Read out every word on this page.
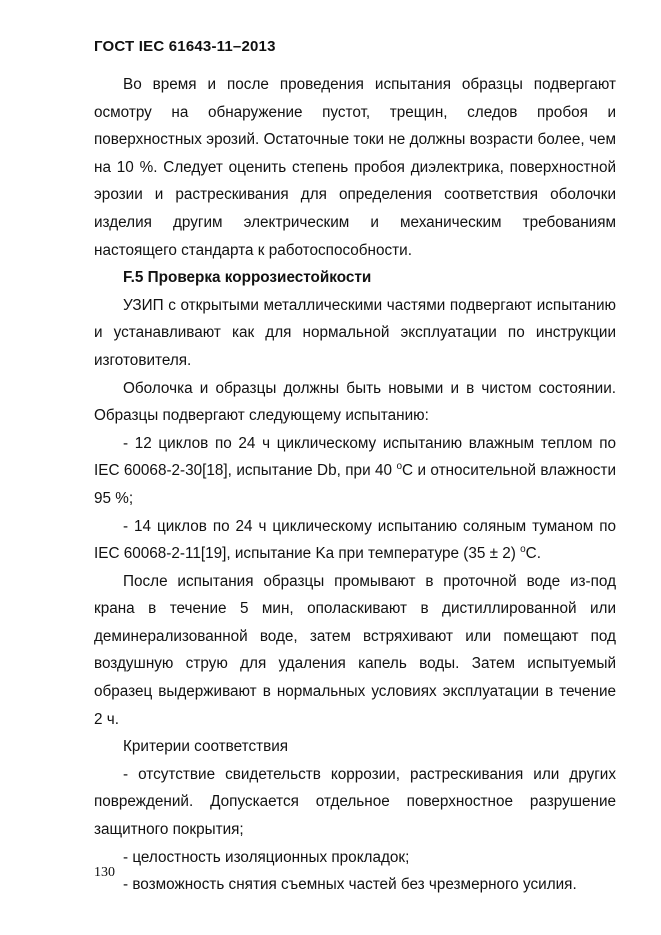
ГОСТ IEC 61643-11–2013

Во время и после проведения испытания образцы подвергают осмотру на обнаружение пустот, трещин, следов пробоя и поверхностных эрозий. Остаточные токи не должны возрасти более, чем на 10 %. Следует оценить степень пробоя диэлектрика, поверхностной эрозии и растрескивания для определения соответствия оболочки изделия другим электрическим и механическим требованиям настоящего стандарта к работоспособности.

F.5 Проверка коррозиестойкости

УЗИП с открытыми металлическими частями подвергают испытанию и устанавливают как для нормальной эксплуатации по инструкции изготовителя.

Оболочка и образцы должны быть новыми и в чистом состоянии. Образцы подвергают следующему испытанию:

- 12 циклов по 24 ч циклическому испытанию влажным теплом по IEC 60068-2-30[18], испытание Db, при 40 $^о$С и относительной влажности 95 %;

- 14 циклов по 24 ч циклическому испытанию соляным туманом по IEC 60068-2-11[19], испытание Ka при температуре (35 ± 2) $^о$С.

После испытания образцы промывают в проточной воде из-под крана в течение 5 мин, ополаскивают в дистиллированной или деминерализованной воде, затем встряхивают или помещают под воздушную струю для удаления капель воды. Затем испытуемый образец выдерживают в нормальных условиях эксплуатации в течение 2 ч.

Критерии соответствия

- отсутствие свидетельств коррозии, растрескивания или других повреждений. Допускается отдельное поверхностное разрушение защитного покрытия;

- целостность изоляционных прокладок;

- возможность снятия съемных частей без чрезмерного усилия.

130
